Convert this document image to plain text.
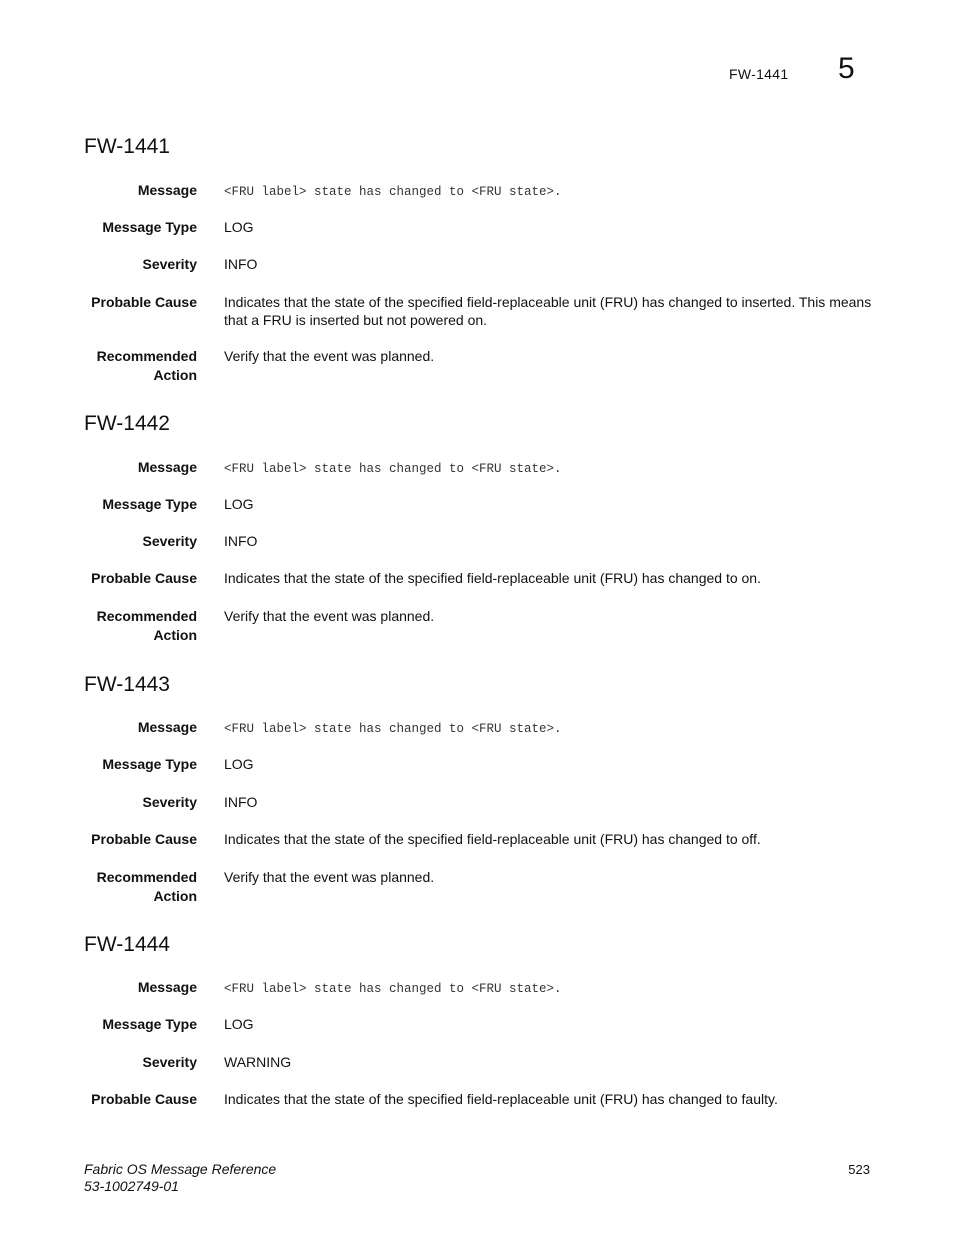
FW-1441 5
FW-1441
Message <FRU label> state has changed to <FRU state>.
Message Type LOG
Severity INFO
Probable Cause Indicates that the state of the specified field-replaceable unit (FRU) has changed to inserted. This means that a FRU is inserted but not powered on.
Recommended
Action
Verify that the event was planned.
FW-1442
Message <FRU label> state has changed to <FRU state>.
Message Type LOG
Severity INFO
Probable Cause Indicates that the state of the specified field-replaceable unit (FRU) has changed to on.
Recommended
Action
Verify that the event was planned.
FW-1443
Message <FRU label> state has changed to <FRU state>.
Message Type LOG
Severity INFO
Probable Cause Indicates that the state of the specified field-replaceable unit (FRU) has changed to off.
Recommended
Action
Verify that the event was planned.
FW-1444
Message <FRU label> state has changed to <FRU state>.
Message Type LOG
Severity WARNING
Probable Cause Indicates that the state of the specified field-replaceable unit (FRU) has changed to faulty.
Fabric OS Message Reference
53-1002749-01
523
